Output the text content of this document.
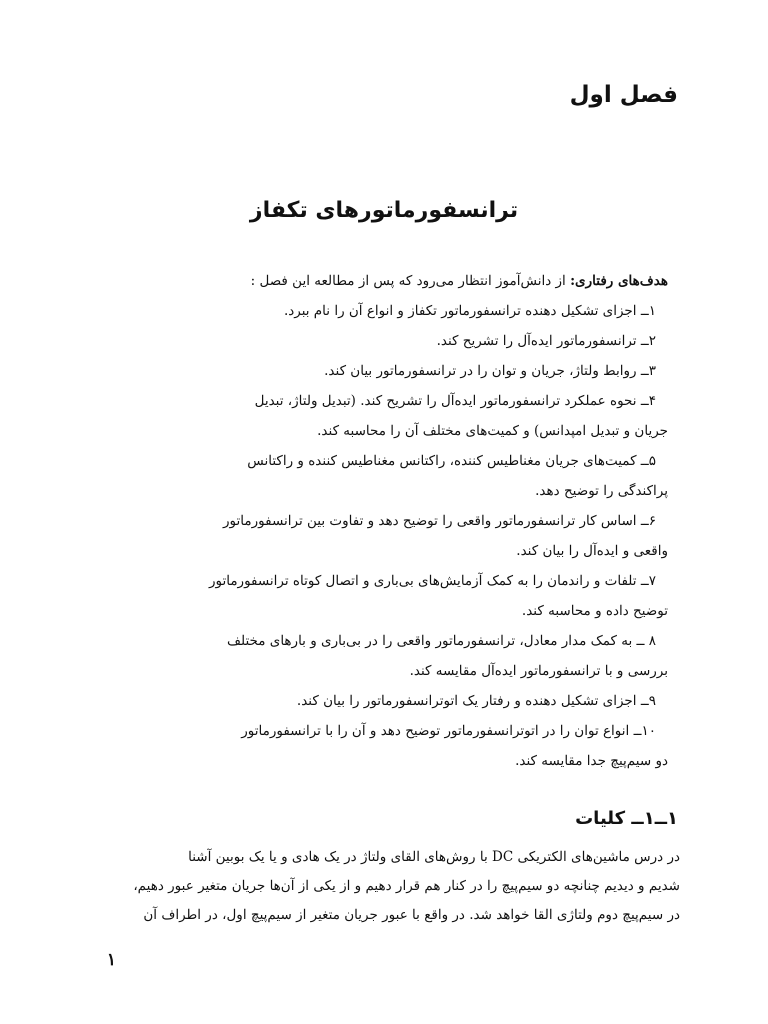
فصل اول
ترانسفورماتورهای تکفاز
هدف‌های رفتاری: از دانش‌آموز انتظار می‌رود که پس از مطالعه این فصل :
۱ــ اجزای تشکیل دهنده ترانسفورماتور تکفاز و انواع آن را نام ببرد.
۲ــ ترانسفورماتور ایده‌آل را تشریح کند.
۳ــ روابط ولتاژ، جریان و توان را در ترانسفورماتور بیان کند.
۴ــ نحوه عملکرد ترانسفورماتور ایده‌آل را تشریح کند. (تبدیل ولتاژ، تبدیل
جریان و تبدیل امپدانس) و کمیت‌های مختلف آن را محاسبه کند.
۵ــ کمیت‌های جریان مغناطیس کننده، راکتانس مغناطیس کننده و راکتانس
پراکندگی را توضیح دهد.
۶ــ اساس کار ترانسفورماتور واقعی را توضیح دهد و تفاوت بین ترانسفورماتور
واقعی و ایده‌آل را بیان کند.
۷ــ تلفات و راندمان را به کمک آزمایش‌های بی‌باری و اتصال کوتاه ترانسفورماتور
توضیح داده و محاسبه کند.
۸ ــ به کمک مدار معادل، ترانسفورماتور واقعی را در بی‌باری و بارهای مختلف
بررسی و با ترانسفورماتور ایده‌آل مقایسه کند.
۹ــ اجزای تشکیل دهنده و رفتار یک اتوترانسفورماتور را بیان کند.
۱۰ــ انواع توان را در اتوترانسفورماتور توضیح دهد و آن را با ترانسفورماتور
دو سیم‌پیچ جدا مقایسه کند.
۱ــ۱ــ کلیات
در درس ماشین‌های الکتریکی DC با روش‌های القای ولتاژ در یک هادی و یا یک بوبین آشنا
شدیم و دیدیم چنانچه دو سیم‌پیچ را در کنار هم قرار دهیم و از یکی از آن‌ها جریان متغیر عبور دهیم،
در سیم‌پیچ دوم ولتاژی القا خواهد شد. در واقع با عبور جریان متغیر از سیم‌پیچ اول، در اطراف آن
۱
